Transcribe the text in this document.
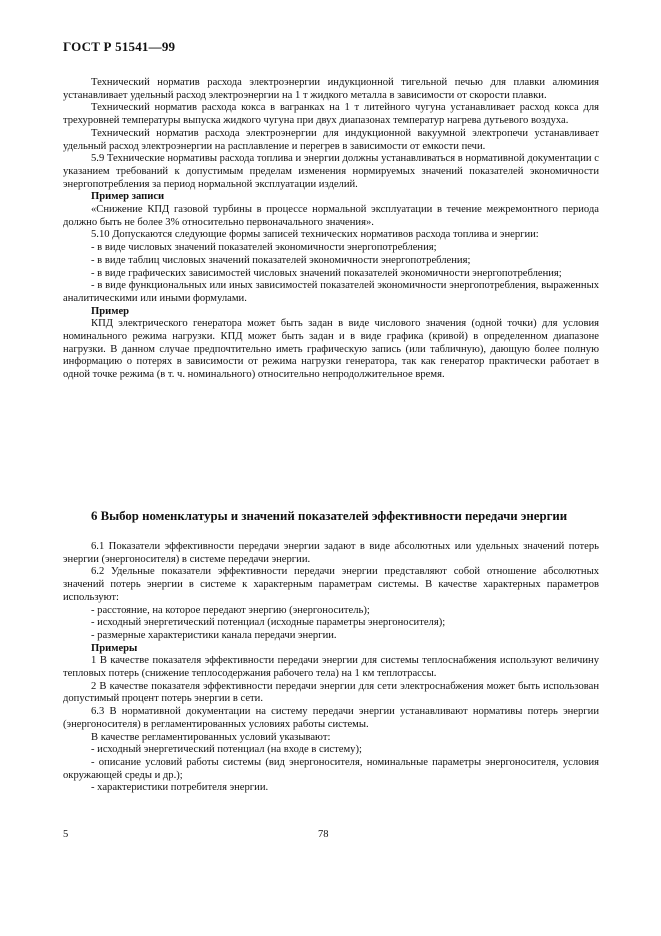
ГОСТ Р 51541—99

Технический норматив расхода электроэнергии индукционной тигельной печью для плавки алюминия устанавливает удельный расход электроэнергии на 1 т жидкого металла в зависимости от скорости плавки.

Технический норматив расхода кокса в вагранках на 1 т литейного чугуна устанавливает расход кокса для трехуровней температуры выпуска жидкого чугуна при двух диапазонах температур нагрева дутьевого воздуха.

Технический норматив расхода электроэнергии для индукционной вакуумной электропечи устанавливает удельный расход электроэнергии на расплавление и перегрев в зависимости от емкости печи.

5.9 Технические нормативы расхода топлива и энергии должны устанавливаться в нормативной документации с указанием требований к допустимым пределам изменения нормируемых значений показателей экономичности энергопотребления за период нормальной эксплуатации изделий.

Пример записи

«Снижение КПД газовой турбины в процессе нормальной эксплуатации в течение межремонтного периода должно быть не более 3% относительно первоначального значения».

5.10 Допускаются следующие формы записей технических нормативов расхода топлива и энергии:

- в виде числовых значений показателей экономичности энергопотребления;

- в виде таблиц числовых значений показателей экономичности энергопотребления;

- в виде графических зависимостей числовых значений показателей экономичности энергопотребления;

- в виде функциональных или иных зависимостей показателей экономичности энергопотребления, выраженных аналитическими или иными формулами.

Пример

КПД электрического генератора может быть задан в виде числового значения (одной точки) для условия номинального режима нагрузки. КПД может быть задан и в виде графика (кривой) в определенном диапазоне нагрузки. В данном случае предпочтительно иметь графическую запись (или табличную), дающую более полную информацию о потерях в зависимости от режима нагрузки генератора, так как генератор практически работает в одной точке режима (в т. ч. номинального) относительно непродолжительное время.

6 Выбор номенклатуры и значений показателей эффективности передачи энергии

6.1 Показатели эффективности передачи энергии задают в виде абсолютных или удельных значений потерь энергии (энергоносителя) в системе передачи энергии.

6.2 Удельные показатели эффективности передачи энергии представляют собой отношение абсолютных значений потерь энергии в системе к характерным параметрам системы. В качестве характерных параметров используют:

- расстояние, на которое передают энергию (энергоноситель);

- исходный энергетический потенциал (исходные параметры энергоносителя);

- размерные характеристики канала передачи энергии.

Примеры

1 В качестве показателя эффективности передачи энергии для системы теплоснабжения используют величину тепловых потерь (снижение теплосодержания рабочего тела) на 1 км теплотрассы.

2 В качестве показателя эффективности передачи энергии для сети электроснабжения может быть использован допустимый процент потерь энергии в сети.

6.3 В нормативной документации на систему передачи энергии устанавливают нормативы потерь энергии (энергоносителя) в регламентированных условиях работы системы.

В качестве регламентированных условий указывают:

- исходный энергетический потенциал (на входе в систему);

- описание условий работы системы (вид энергоносителя, номинальные параметры энергоносителя, условия окружающей среды и др.);

- характеристики потребителя энергии.

5	78
